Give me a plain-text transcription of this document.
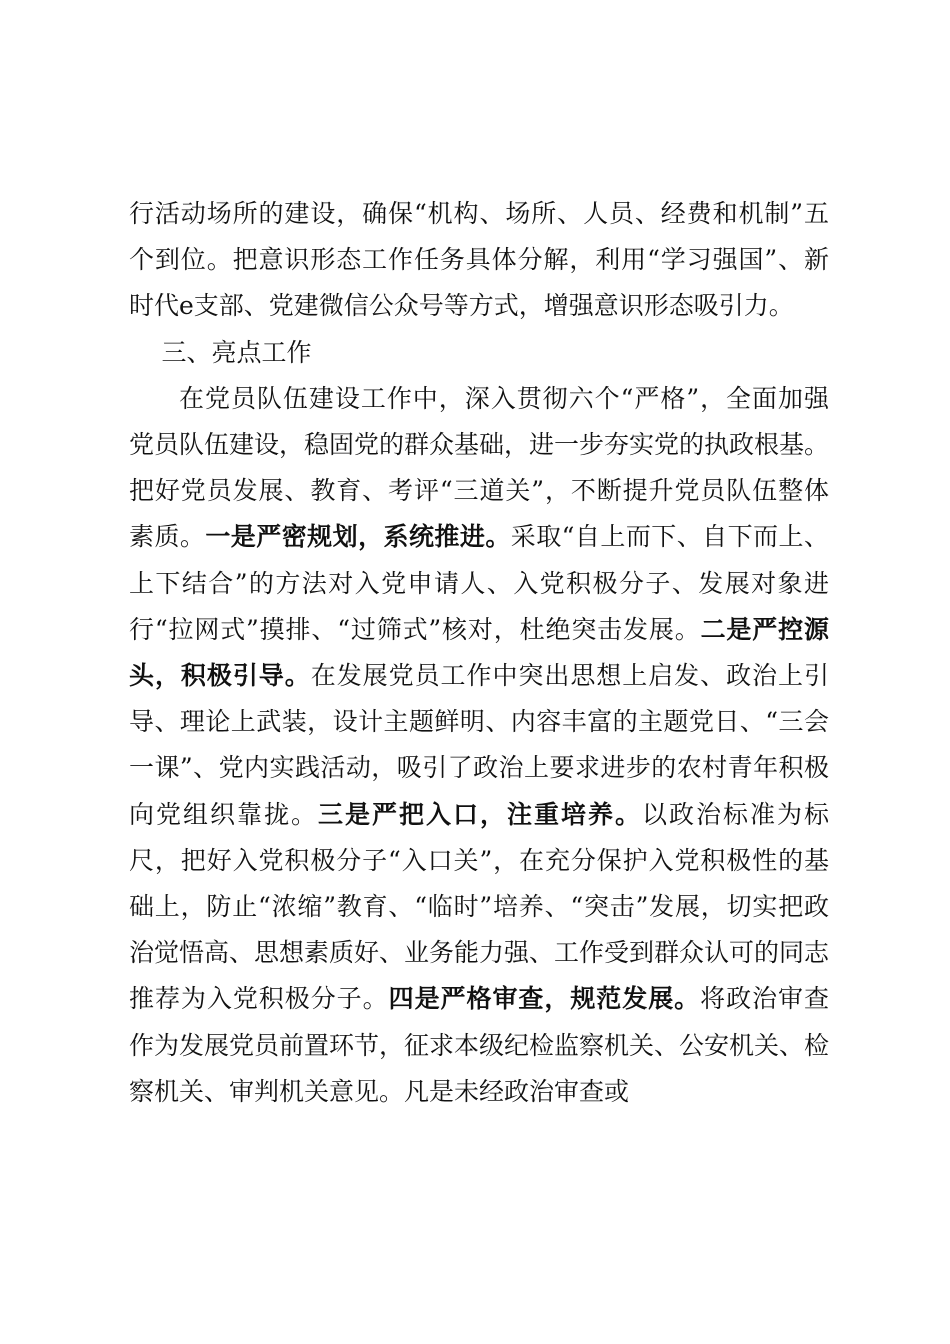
行活动场所的建设，确保“机构、场所、人员、经费和机制”五个到位。把意识形态工作任务具体分解，利用“学习强国”、新时代e支部、党建微信公众号等方式，增强意识形态吸引力。

三、亮点工作

在党员队伍建设工作中，深入贯彻六个“严格”，全面加强党员队伍建设，稳固党的群众基础，进一步夯实党的执政根基。把好党员发展、教育、考评“三道关”，不断提升党员队伍整体素质。一是严密规划，系统推进。采取“自上而下、自下而上、上下结合”的方法对入党申请人、入党积极分子、发展对象进行“拉网式”摸排、“过筛式”核对，杜绝突击发展。二是严控源头，积极引导。在发展党员工作中突出思想上启发、政治上引导、理论上武装，设计主题鲜明、内容丰富的主题党日、“三会一课”、党内实践活动，吸引了政治上要求进步的农村青年积极向党组织靠拢。三是严把入口，注重培养。以政治标准为标尺，把好入党积极分子“入口关”，在充分保护入党积极性的基础上，防止“浓缩”教育、“临时”培养、“突击”发展，切实把政治觉悟高、思想素质好、业务能力强、工作受到群众认可的同志推荐为入党积极分子。四是严格审查，规范发展。将政治审查作为发展党员前置环节，征求本级纪检监察机关、公安机关、检察机关、审判机关意见。凡是未经政治审查或
